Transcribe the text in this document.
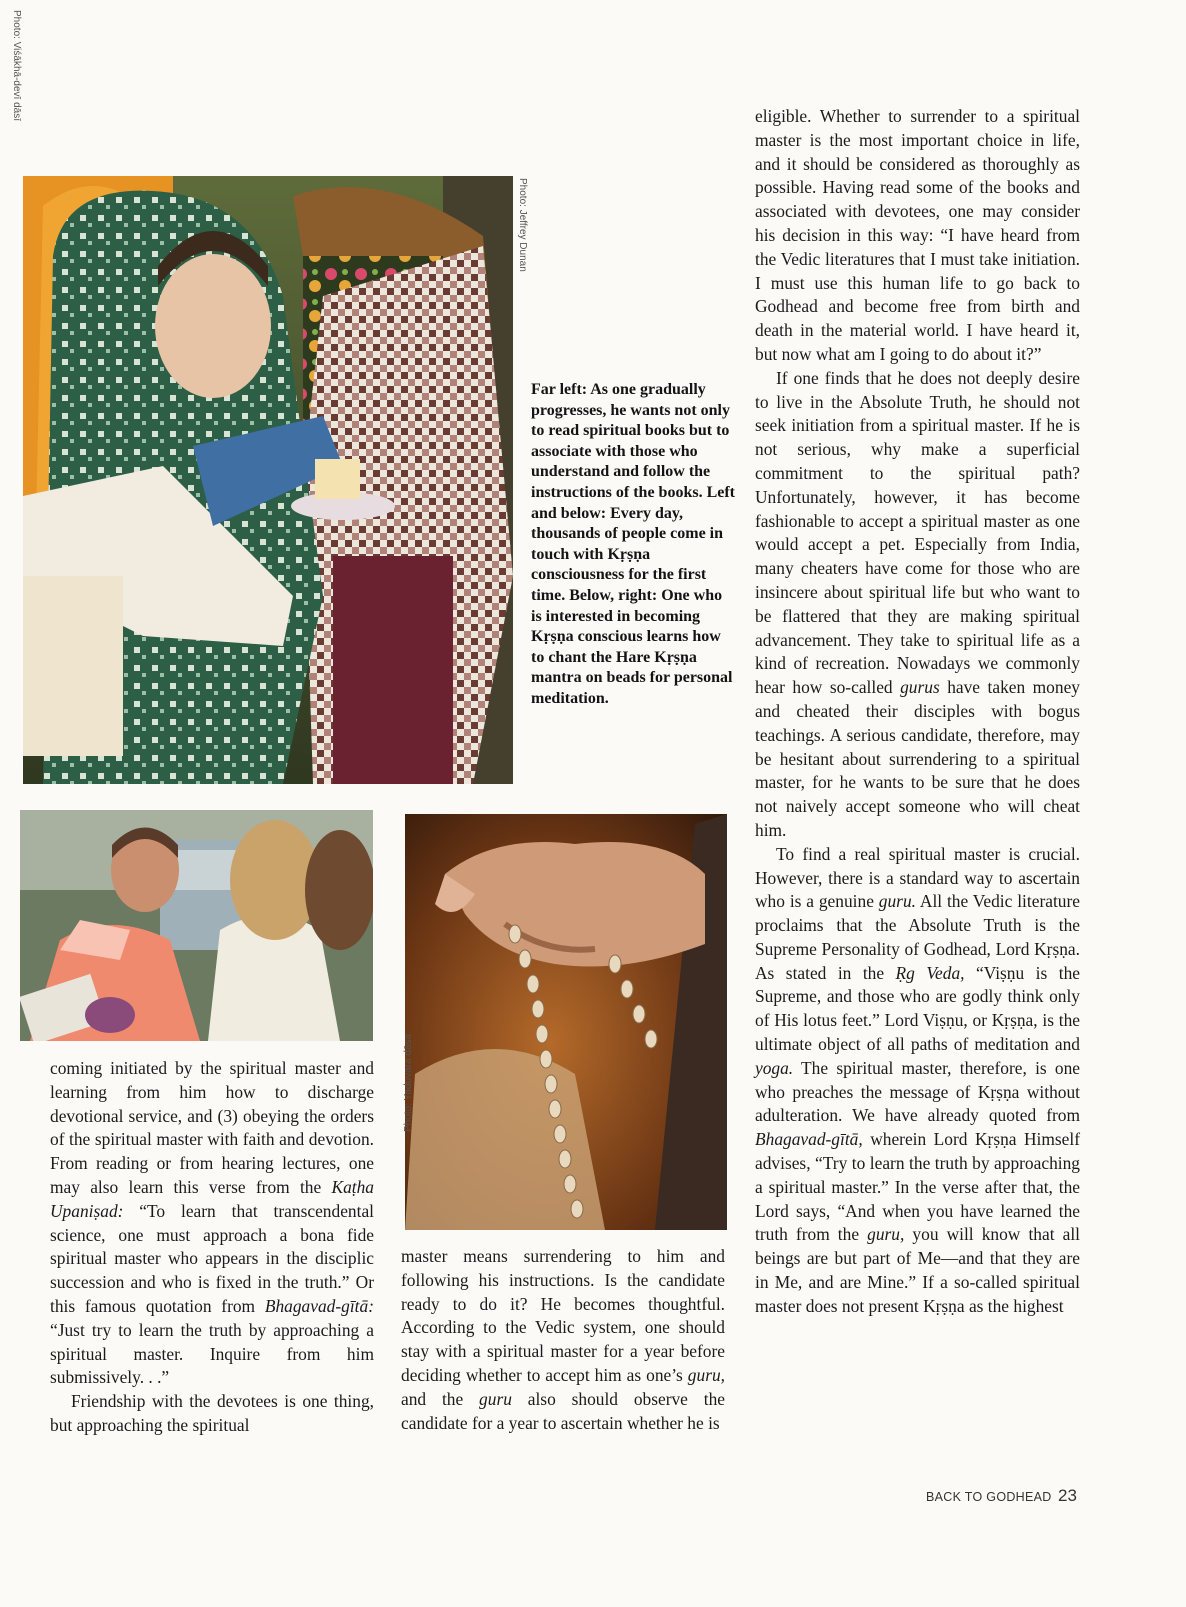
Photo: Viśākhā-devī dāsī
Photo: Jeffrey Dunan
Far left: As one gradually progresses, he wants not only to read spiritual books but to associate with those who understand and follow the instructions of the books. Left and below: Every day, thousands of people come in touch with Kṛṣṇa consciousness for the first time. Below, right: One who is interested in becoming Kṛṣṇa conscious learns how to chant the Hare Kṛṣṇa mantra on beads for personal meditation.
Photo: Yaduvara dāsa

coming initiated by the spiritual master and learning from him how to discharge devotional service, and (3) obeying the orders of the spiritual master with faith and devotion. From reading or from hearing lectures, one may also learn this verse from the Kaṭha Upaniṣad: “To learn that transcendental science, one must approach a bona fide spiritual master who appears in the disciplic succession and who is fixed in the truth.” Or this famous quotation from Bhagavad-gītā: “Just try to learn the truth by approaching a spiritual master. Inquire from him submissively. . .”

Friendship with the devotees is one thing, but approaching the spiritual

master means surrendering to him and following his instructions. Is the candidate ready to do it? He becomes thoughtful. According to the Vedic system, one should stay with a spiritual master for a year before deciding whether to accept him as one’s guru, and the guru also should observe the candidate for a year to ascertain whether he is

eligible. Whether to surrender to a spiritual master is the most important choice in life, and it should be considered as thoroughly as possible. Having read some of the books and associated with devotees, one may consider his decision in this way: “I have heard from the Vedic literatures that I must take initiation. I must use this human life to go back to Godhead and become free from birth and death in the material world. I have heard it, but now what am I going to do about it?”

If one finds that he does not deeply desire to live in the Absolute Truth, he should not seek initiation from a spiritual master. If he is not serious, why make a superficial commitment to the spiritual path? Unfortunately, however, it has become fashionable to accept a spiritual master as one would accept a pet. Especially from India, many cheaters have come for those who are insincere about spiritual life but who want to be flattered that they are making spiritual advancement. They take to spiritual life as a kind of recreation. Nowadays we commonly hear how so-called gurus have taken money and cheated their disciples with bogus teachings. A serious candidate, therefore, may be hesitant about surrendering to a spiritual master, for he wants to be sure that he does not naively accept someone who will cheat him.

To find a real spiritual master is crucial. However, there is a standard way to ascertain who is a genuine guru. All the Vedic literature proclaims that the Absolute Truth is the Supreme Personality of Godhead, Lord Kṛṣṇa. As stated in the Ṛg Veda, “Viṣṇu is the Supreme, and those who are godly think only of His lotus feet.” Lord Viṣṇu, or Kṛṣṇa, is the ultimate object of all paths of meditation and yoga. The spiritual master, therefore, is one who preaches the message of Kṛṣṇa without adulteration. We have already quoted from Bhagavad-gītā, wherein Lord Kṛṣṇa Himself advises, “Try to learn the truth by approaching a spiritual master.” In the verse after that, the Lord says, “And when you have learned the truth from the guru, you will know that all beings are but part of Me—and that they are in Me, and are Mine.” If a so-called spiritual master does not present Kṛṣṇa as the highest

BACK TO GODHEAD 23
